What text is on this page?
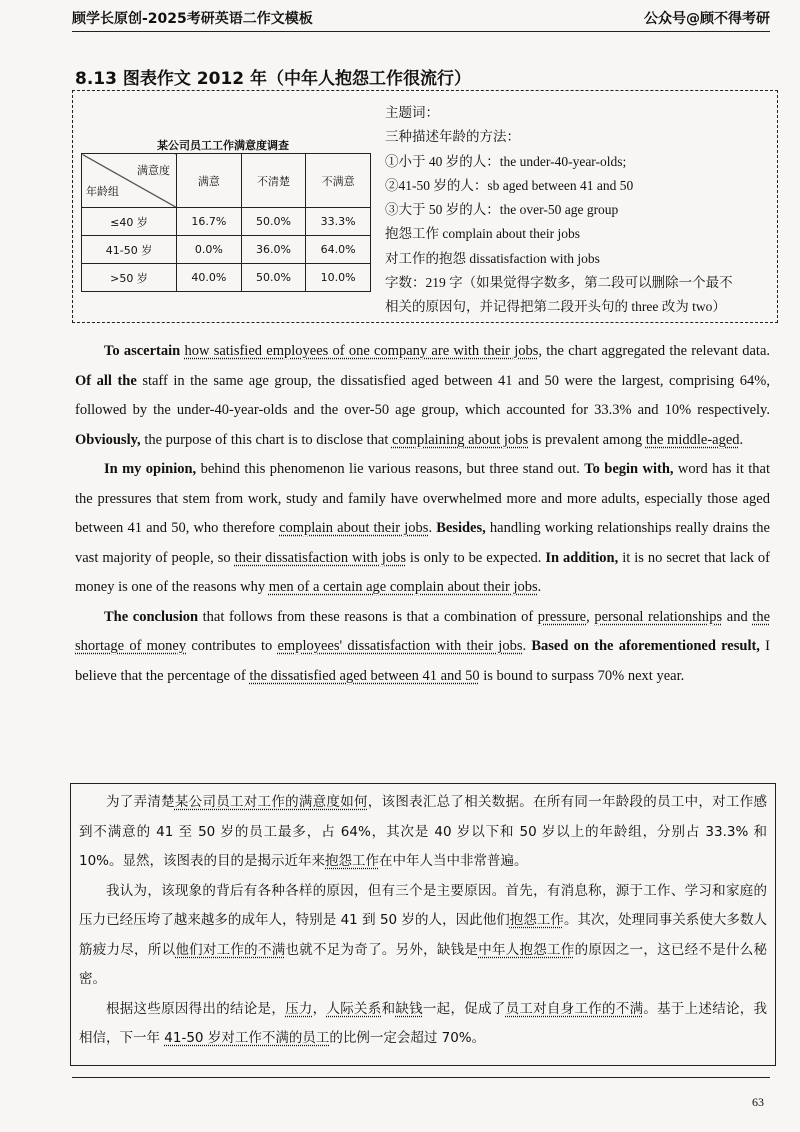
顾学长原创-2025考研英语二作文模板	公众号@顾不得考研
8.13 图表作文 2012 年（中年人抱怨工作很流行）
某公司员工工作满意度调查
满意度
年龄组	满意	不清楚	不满意
≤40 岁	16.7%	50.0%	33.3%
41-50 岁	0.0%	36.0%	64.0%
>50 岁	40.0%	50.0%	10.0%
主题词：
三种描述年龄的方法：
①小于 40 岁的人：the under-40-year-olds;
②41-50 岁的人：sb aged between 41 and 50
③大于 50 岁的人：the over-50 age group
抱怨工作 complain about their jobs
对工作的抱怨 dissatisfaction with jobs
字数：219 字（如果觉得字数多，第二段可以删除一个最不
相关的原因句，并记得把第二段开头句的 three 改为 two）

To ascertain how satisfied employees of one company are with their jobs, the chart aggregated the relevant data. Of all the staff in the same age group, the dissatisfied aged between 41 and 50 were the largest, comprising 64%, followed by the under-40-year-olds and the over-50 age group, which accounted for 33.3% and 10% respectively. Obviously, the purpose of this chart is to disclose that complaining about jobs is prevalent among the middle-aged.

In my opinion, behind this phenomenon lie various reasons, but three stand out. To begin with, word has it that the pressures that stem from work, study and family have overwhelmed more and more adults, especially those aged between 41 and 50, who therefore complain about their jobs. Besides, handling working relationships really drains the vast majority of people, so their dissatisfaction with jobs is only to be expected. In addition, it is no secret that lack of money is one of the reasons why men of a certain age complain about their jobs.

The conclusion that follows from these reasons is that a combination of pressure, personal relationships and the shortage of money contributes to employees' dissatisfaction with their jobs. Based on the aforementioned result, I believe that the percentage of the dissatisfied aged between 41 and 50 is bound to surpass 70% next year.

为了弄清楚某公司员工对工作的满意度如何，该图表汇总了相关数据。在所有同一年龄段的员工中，对工作感到不满意的 41 至 50 岁的员工最多，占 64%，其次是 40 岁以下和 50 岁以上的年龄组，分别占 33.3% 和 10%。显然，该图表的目的是揭示近年来抱怨工作在中年人当中非常普遍。

我认为，该现象的背后有各种各样的原因，但有三个是主要原因。首先，有消息称，源于工作、学习和家庭的压力已经压垮了越来越多的成年人，特别是 41 到 50 岁的人，因此他们抱怨工作。其次，处理同事关系使大多数人筋疲力尽，所以他们对工作的不满也就不足为奇了。另外，缺钱是中年人抱怨工作的原因之一，这已经不是什么秘密。

根据这些原因得出的结论是，压力，人际关系和缺钱一起，促成了员工对自身工作的不满。基于上述结论，我相信，下一年 41-50 岁对工作不满的员工的比例一定会超过 70%。

63
